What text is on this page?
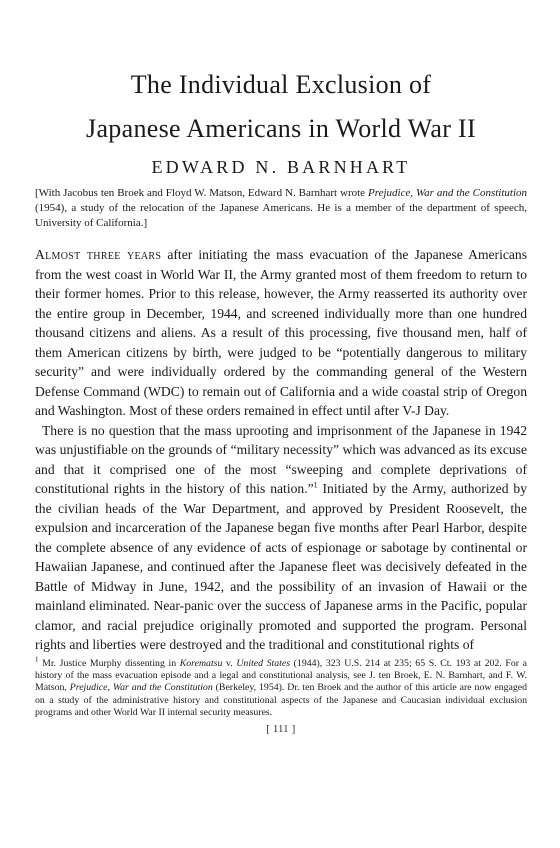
The Individual Exclusion of
Japanese Americans in World War II
EDWARD N. BARNHART
[With Jacobus ten Broek and Floyd W. Matson, Edward N. Barnhart wrote Prejudice, War and the Constitution (1954), a study of the relocation of the Japanese Americans. He is a member of the department of speech, University of California.]

Almost three years after initiating the mass evacuation of the Japanese Americans from the west coast in World War II, the Army granted most of them freedom to return to their former homes. Prior to this release, however, the Army reasserted its authority over the entire group in December, 1944, and screened individually more than one hundred thousand citizens and aliens. As a result of this processing, five thousand men, half of them American citizens by birth, were judged to be “potentially dangerous to military security” and were individually ordered by the commanding general of the Western Defense Command (WDC) to remain out of California and a wide coastal strip of Oregon and Washington. Most of these orders remained in effect until after V-J Day.

There is no question that the mass uprooting and imprisonment of the Japanese in 1942 was unjustifiable on the grounds of “military necessity” which was advanced as its excuse and that it comprised one of the most “sweeping and complete deprivations of constitutional rights in the history of this nation.”$^1$ Initiated by the Army, authorized by the civilian heads of the War Department, and approved by President Roosevelt, the expulsion and incarceration of the Japanese began five months after Pearl Harbor, despite the complete absence of any evidence of acts of espionage or sabotage by continental or Hawaiian Japanese, and continued after the Japanese fleet was decisively defeated in the Battle of Midway in June, 1942, and the possibility of an invasion of Hawaii or the mainland eliminated. Near-panic over the success of Japanese arms in the Pacific, popular clamor, and racial prejudice originally promoted and supported the program. Personal rights and liberties were destroyed and the traditional and constitutional rights of

$^1$ Mr. Justice Murphy dissenting in Korematsu v. United States (1944), 323 U.S. 214 at 235; 65 S. Ct. 193 at 202. For a history of the mass evacuation episode and a legal and constitutional analysis, see J. ten Broek, E. N. Barnhart, and F. W. Matson, Prejudice, War and the Constitution (Berkeley, 1954). Dr. ten Broek and the author of this article are now engaged on a study of the administrative history and constitutional aspects of the Japanese and Caucasian individual exclusion programs and other World War II internal security measures.
[ 111 ]
